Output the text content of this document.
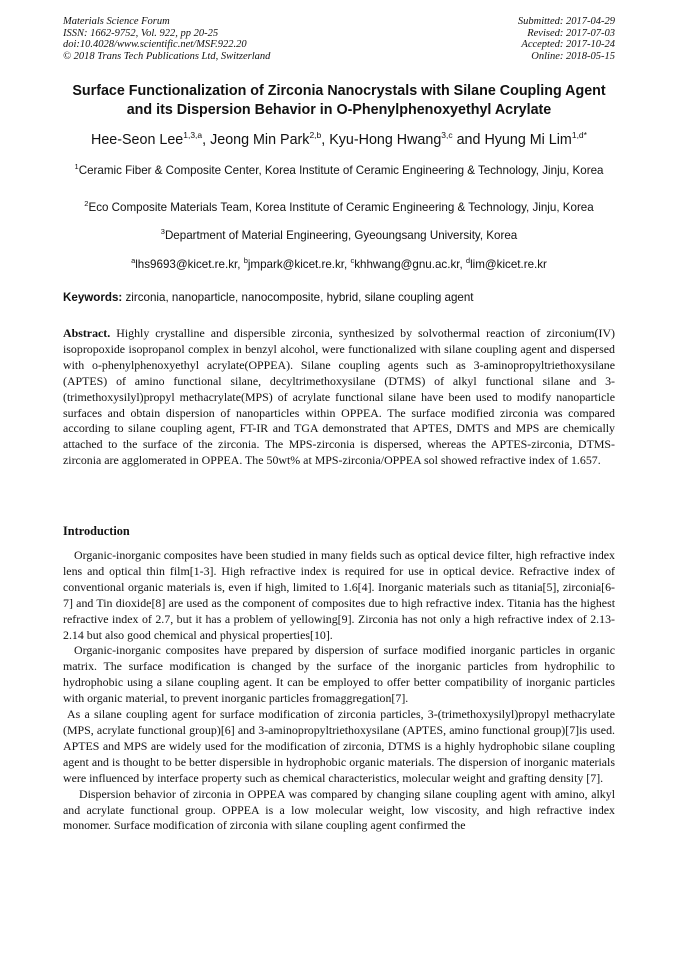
Materials Science Forum
ISSN: 1662-9752, Vol. 922, pp 20-25
doi:10.4028/www.scientific.net/MSF.922.20
© 2018 Trans Tech Publications Ltd, Switzerland
Submitted: 2017-04-29
Revised: 2017-07-03
Accepted: 2017-10-24
Online: 2018-05-15
Surface Functionalization of Zirconia Nanocrystals with Silane Coupling Agent and its Dispersion Behavior in O-Phenylphenoxyethyl Acrylate
Hee-Seon Lee$^{1,3,a}$, Jeong Min Park$^{2,b}$, Kyu-Hong Hwang$^{3,c}$ and Hyung Mi Lim$^{1,d*}$
$^1$Ceramic Fiber & Composite Center, Korea Institute of Ceramic Engineering & Technology, Jinju, Korea
$^2$Eco Composite Materials Team, Korea Institute of Ceramic Engineering & Technology, Jinju, Korea
$^3$Department of Material Engineering, Gyeoungsang University, Korea
$^a$lhs9693@kicet.re.kr, $^b$jmpark@kicet.re.kr, $^c$khhwang@gnu.ac.kr, $^d$lim@kicet.re.kr
Keywords: zirconia, nanoparticle, nanocomposite, hybrid, silane coupling agent
Abstract. Highly crystalline and dispersible zirconia, synthesized by solvothermal reaction of zirconium(IV) isopropoxide isopropanol complex in benzyl alcohol, were functionalized with silane coupling agent and dispersed with o-phenylphenoxyethyl acrylate(OPPEA). Silane coupling agents such as 3-aminopropyltriethoxysilane (APTES) of amino functional silane, decyltrimethoxysilane (DTMS) of alkyl functional silane and 3-(trimethoxysilyl)propyl methacrylate(MPS) of acrylate functional silane have been used to modify nanoparticle surfaces and obtain dispersion of nanoparticles within OPPEA. The surface modified zirconia was compared according to silane coupling agent, FT-IR and TGA demonstrated that APTES, DMTS and MPS are chemically attached to the surface of the zirconia. The MPS-zirconia is dispersed, whereas the APTES-zirconia, DTMS-zirconia are agglomerated in OPPEA. The 50wt% at MPS-zirconia/OPPEA sol showed refractive index of 1.657.
Introduction

Organic-inorganic composites have been studied in many fields such as optical device filter, high refractive index lens and optical thin film[1-3]. High refractive index is required for use in optical device. Refractive index of conventional organic materials is, even if high, limited to 1.6[4]. Inorganic materials such as titania[5], zirconia[6-7] and Tin dioxide[8] are used as the component of composites due to high refractive index. Titania has the highest refractive index of 2.7, but it has a problem of yellowing[9]. Zirconia has not only a high refractive index of 2.13-2.14 but also good chemical and physical properties[10].

Organic-inorganic composites have prepared by dispersion of surface modified inorganic particles in organic matrix. The surface modification is changed by the surface of the inorganic particles from hydrophilic to hydrophobic using a silane coupling agent. It can be employed to offer better compatibility of inorganic particles with organic material, to prevent inorganic particles fromaggregation[7].

As a silane coupling agent for surface modification of zirconia particles, 3-(trimethoxysilyl)propyl methacrylate (MPS, acrylate functional group)[6] and 3-aminopropyltriethoxysilane (APTES, amino functional group)[7]is used. APTES and MPS are widely used for the modification of zirconia, DTMS is a highly hydrophobic silane coupling agent and is thought to be better dispersible in hydrophobic organic materials. The dispersion of inorganic materials were influenced by interface property such as chemical characteristics, molecular weight and grafting density [7].

Dispersion behavior of zirconia in OPPEA was compared by changing silane coupling agent with amino, alkyl and acrylate functional group. OPPEA is a low molecular weight, low viscosity, and high refractive index monomer. Surface modification of zirconia with silane coupling agent confirmed the
